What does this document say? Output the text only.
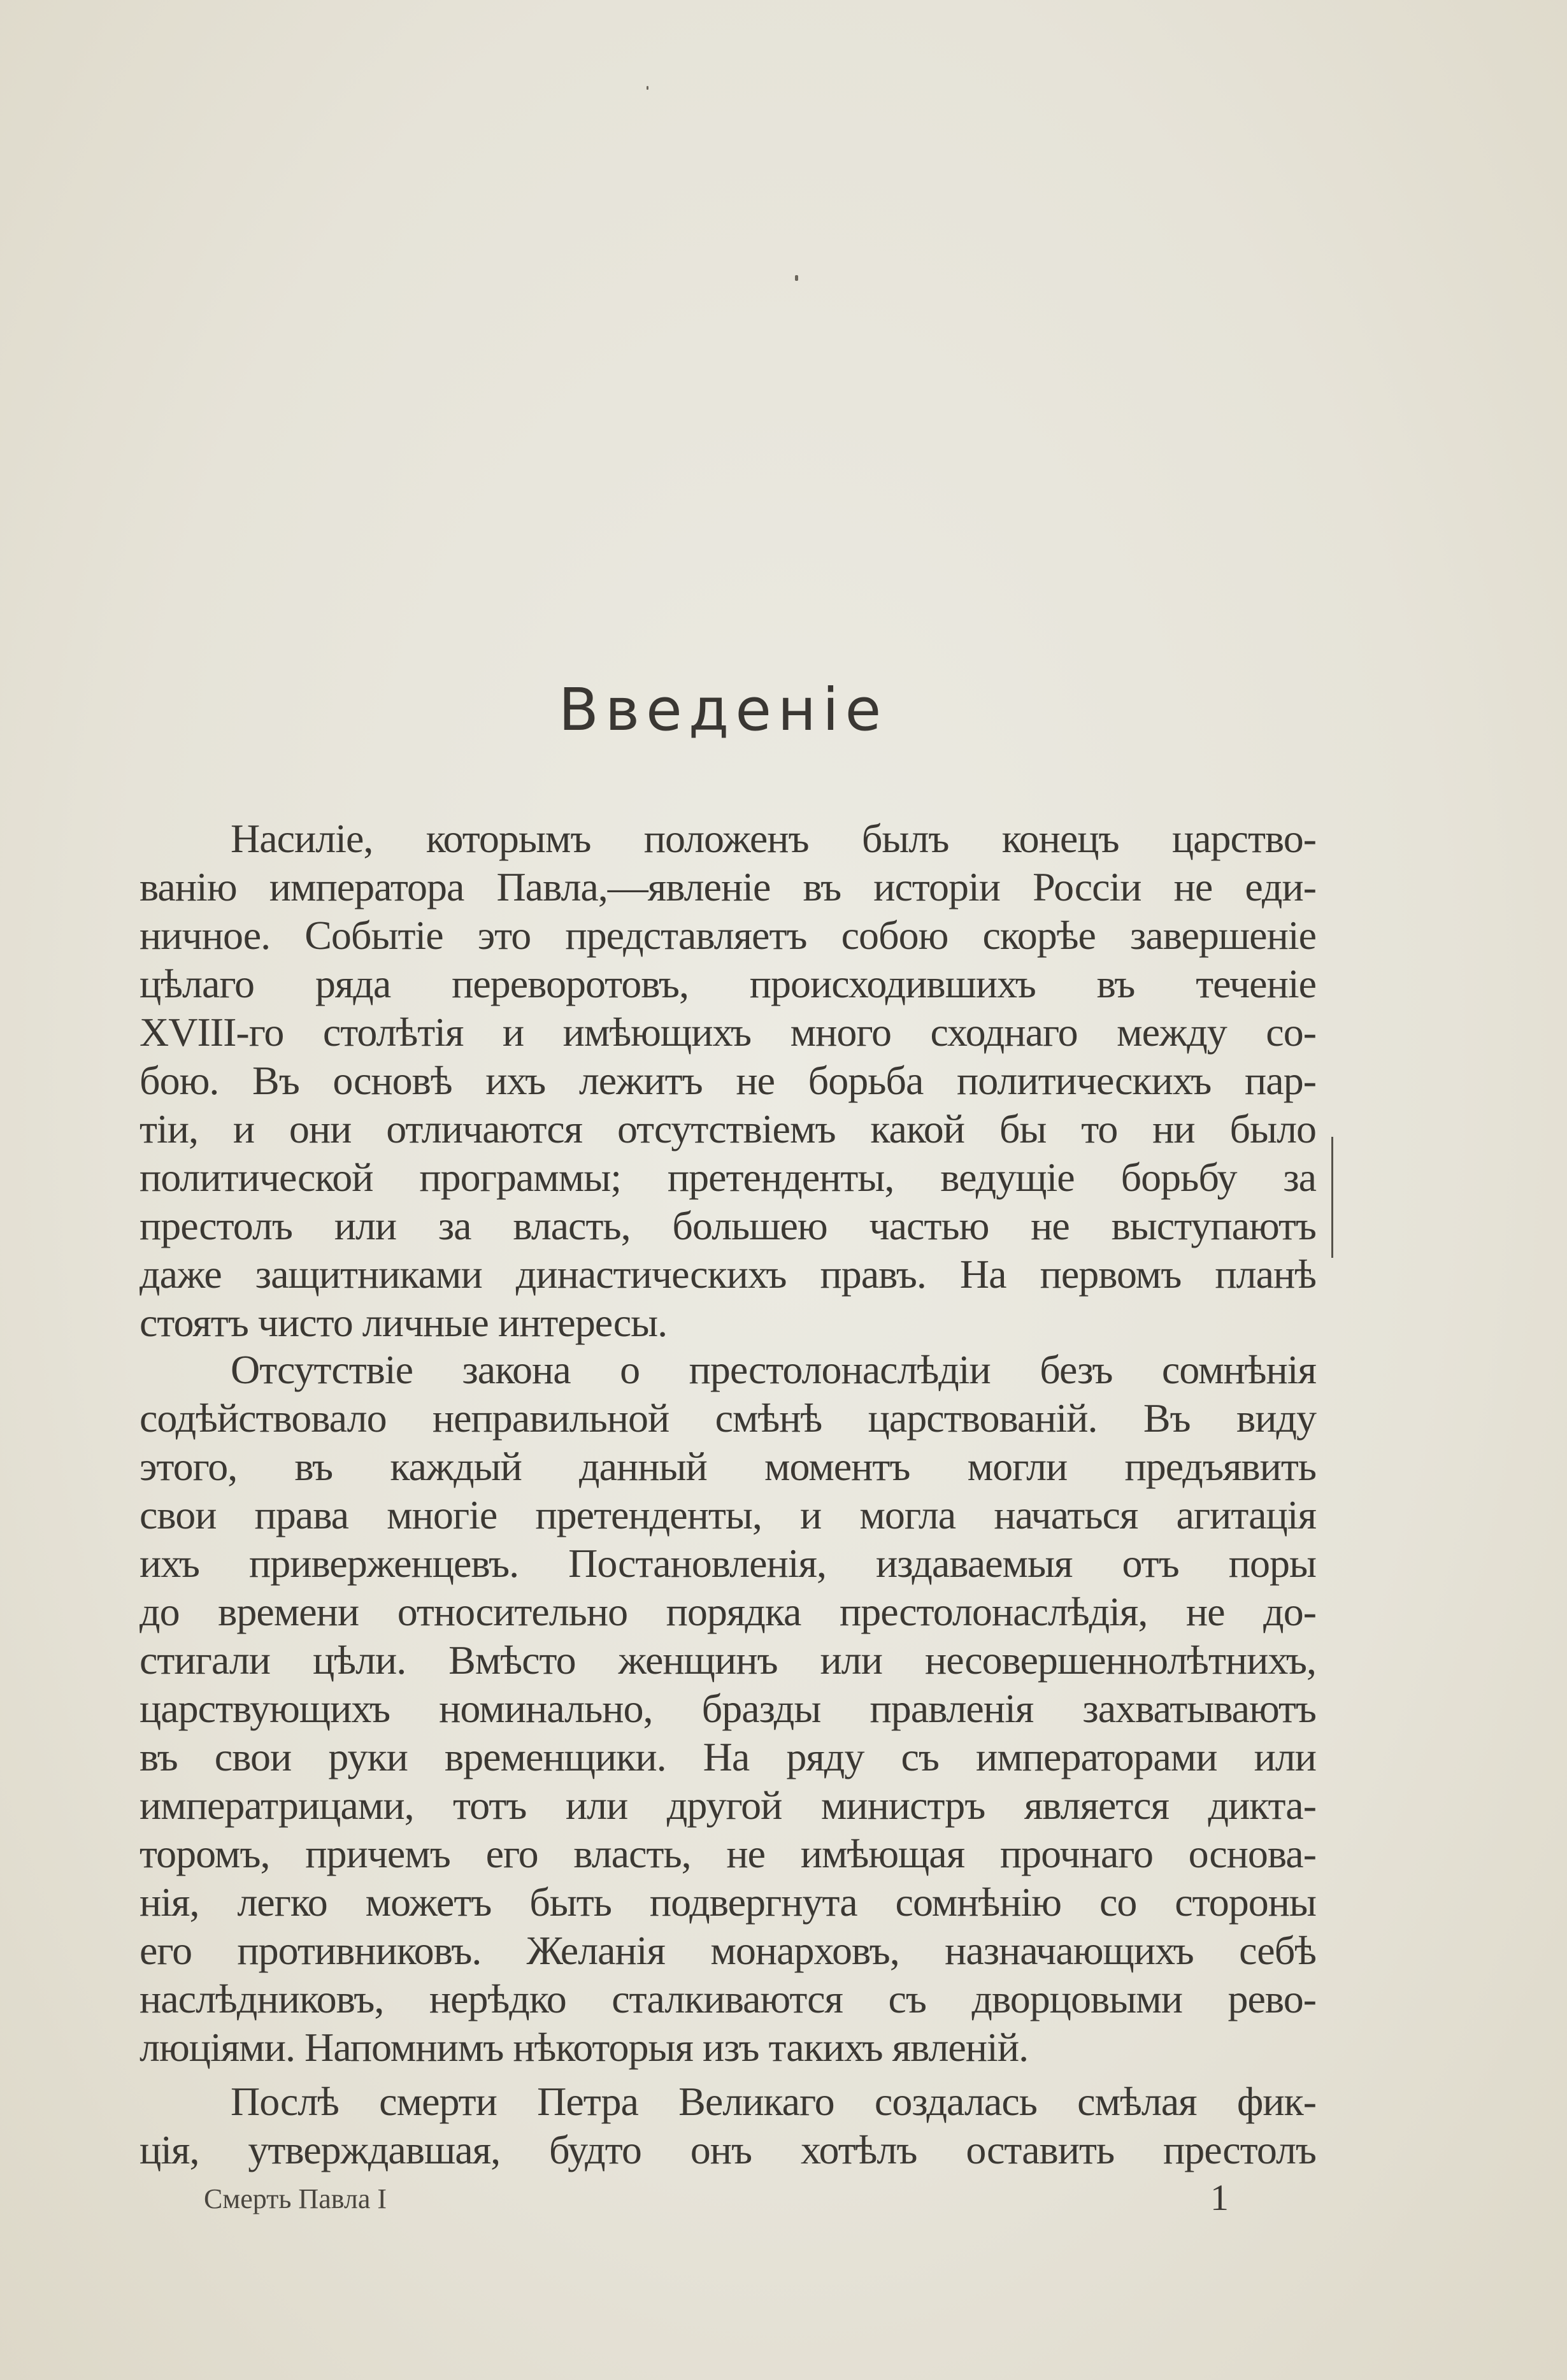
Введеніе
Насиліе, которымъ положенъ былъ конецъ царство-
ванію императора Павла,—явленіе въ исторіи Россіи не еди-
ничное. Событіе это представляетъ собою скорѣе завершеніе
цѣлаго ряда переворотовъ, происходившихъ въ теченіе
XVIII-го столѣтія и имѣющихъ много сходнаго между со-
бою. Въ основѣ ихъ лежитъ не борьба политическихъ пар-
тіи, и они отличаются отсутствіемъ какой бы то ни было
политической программы; претенденты, ведущіе борьбу за
престолъ или за власть, большею частью не выступаютъ
даже защитниками династическихъ правъ. На первомъ планѣ
стоятъ чисто личные интересы.
Отсутствіе закона о престолонаслѣдіи безъ сомнѣнія
содѣйствовало неправильной смѣнѣ царствованій. Въ виду
этого, въ каждый данный моментъ могли предъявить
свои права многіе претенденты, и могла начаться агитація
ихъ приверженцевъ. Постановленія, издаваемыя отъ поры
до времени относительно порядка престолонаслѣдія, не до-
стигали цѣли. Вмѣсто женщинъ или несовершеннолѣтнихъ,
царствующихъ номинально, бразды правленія захватываютъ
въ свои руки временщики. На ряду съ императорами или
императрицами, тотъ или другой министръ является дикта-
торомъ, причемъ его власть, не имѣющая прочнаго основа-
нія, легко можетъ быть подвергнута сомнѣнію со стороны
его противниковъ. Желанія монарховъ, назначающихъ себѣ
наслѣдниковъ, нерѣдко сталкиваются съ дворцовыми рево-
люціями. Напомнимъ нѣкоторыя изъ такихъ явленій.
Послѣ смерти Петра Великаго создалась смѣлая фик-
ція, утверждавшая, будто онъ хотѣлъ оставить престолъ
Смерть Павла I	1
